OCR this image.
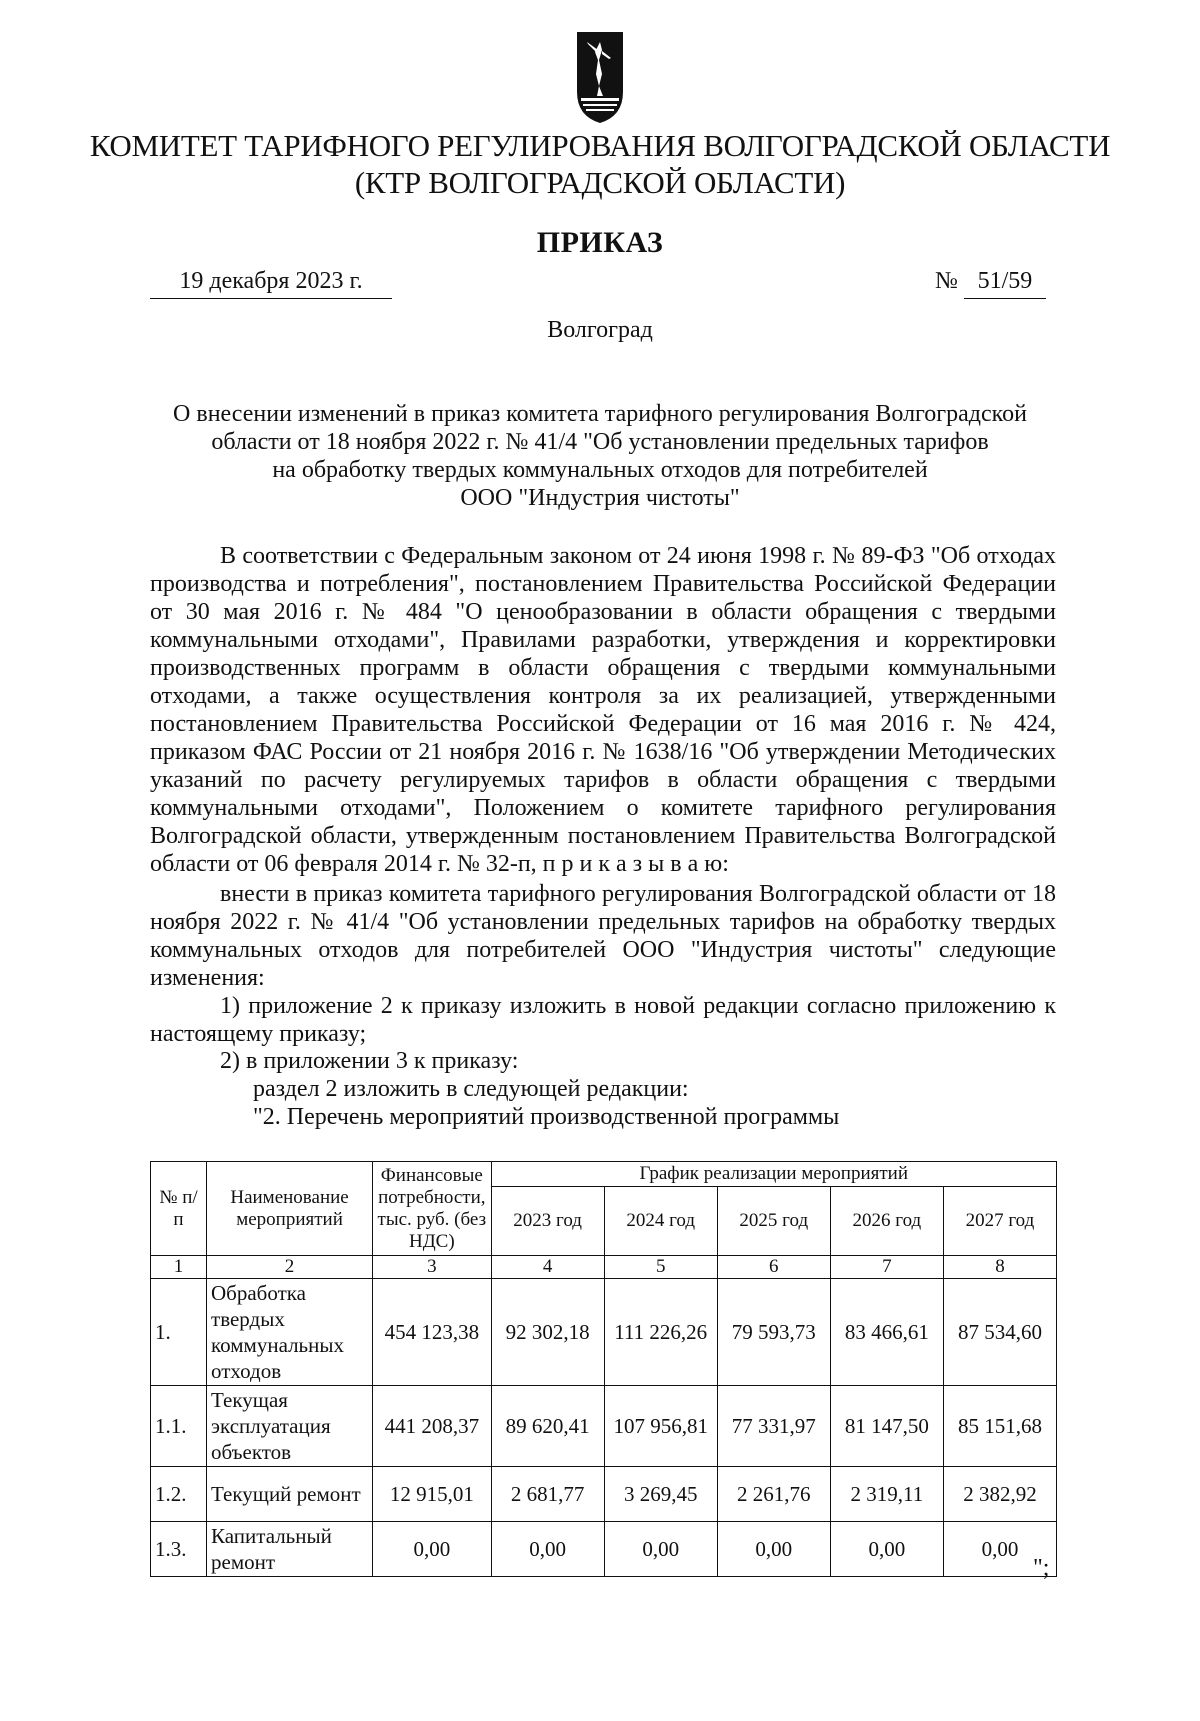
КОМИТЕТ ТАРИФНОГО РЕГУЛИРОВАНИЯ ВОЛГОГРАДСКОЙ ОБЛАСТИ
(КТР ВОЛГОГРАДСКОЙ ОБЛАСТИ)
ПРИКАЗ
19 декабря 2023 г.	№ 51/59
Волгоград
О внесении изменений в приказ комитета тарифного регулирования Волгоградской
области от 18 ноября 2022 г. № 41/4 "Об установлении предельных тарифов
на обработку твердых коммунальных отходов для потребителей
ООО "Индустрия чистоты"

В соответствии с Федеральным законом от 24 июня 1998 г. № 89-ФЗ "Об отходах производства и потребления", постановлением Правительства Российской Федерации от 30 мая 2016 г. № 484 "О ценообразовании в области обращения с твердыми коммунальными отходами", Правилами разработки, утверждения и корректировки производственных программ в области обращения с твердыми коммунальными отходами, а также осуществления контроля за их реализацией, утвержденными постановлением Правительства Российской Федерации от 16 мая 2016 г. № 424, приказом ФАС России от 21 ноября 2016 г. № 1638/16 "Об утверждении Методических указаний по расчету регулируемых тарифов в области обращения с твердыми коммунальными отходами", Положением о комитете тарифного регулирования Волгоградской области, утвержденным постановлением Правительства Волгоградской области от 06 февраля 2014 г. № 32-п, п р и к а з ы в а ю:

внести в приказ комитета тарифного регулирования Волгоградской области от 18 ноября 2022 г. № 41/4 "Об установлении предельных тарифов на обработку твердых коммунальных отходов для потребителей ООО "Индустрия чистоты" следующие изменения:

1) приложение 2 к приказу изложить в новой редакции согласно приложению к настоящему приказу;

2) в приложении 3 к приказу:
раздел 2 изложить в следующей редакции:
"2. Перечень мероприятий производственной программы
№ п/п	Наименование мероприятий	Финансовые потребности, тыс. руб. (без НДС)	График реализации мероприятий				
			2023 год	2024 год	2025 год	2026 год	2027 год
1	2	3	4	5	6	7	8
1.	Обработка твердых коммунальных отходов	454 123,38	92 302,18	111 226,26	79 593,73	83 466,61	87 534,60
1.1.	Текущая эксплуатация объектов	441 208,37	89 620,41	107 956,81	77 331,97	81 147,50	85 151,68
1.2.	Текущий ремонт	12 915,01	2 681,77	3 269,45	2 261,76	2 319,11	2 382,92
1.3.	Капитальный ремонт	0,00	0,00	0,00	0,00	0,00	0,00
";
